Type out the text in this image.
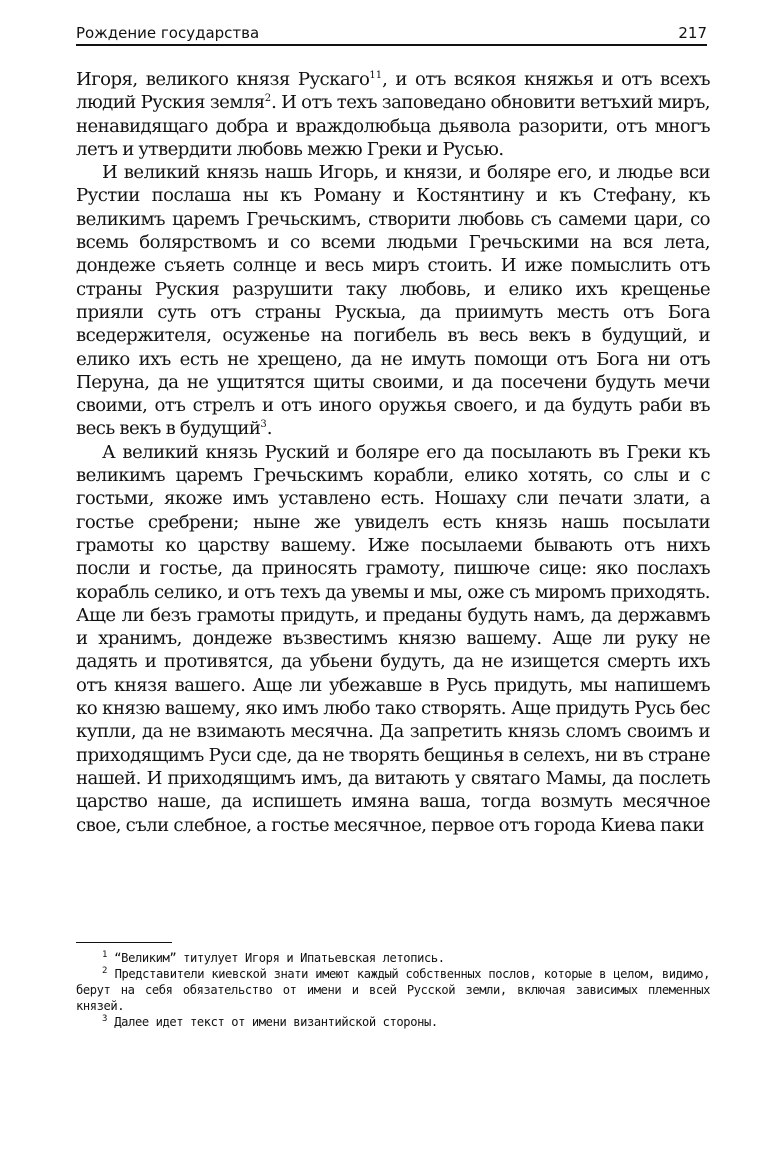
Рождение государства	217

Игоря, великого князя Рускаго$^{11}$, и отъ всякоя княжья и отъ всехъ людий Руския земля$^2$. И отъ техъ заповедано обновити ветъхий миръ, ненавидящаго добра и враждолюбьца дьявола разорити, отъ многъ летъ и утвердити любовь межю Греки и Русью.

И великий князь нашь Игорь, и князи, и боляре его, и людье вси Рустии послаша ны къ Роману и Костянтину и къ Стефану, къ великимъ царемъ Гречьскимъ, створити любовь съ самеми цари, со всемь болярствомъ и со всеми людьми Гречьскими на вся лета, дондеже съяеть солнце и весь миръ стоить. И иже помыслить отъ страны Руския разрушити таку любовь, и елико ихъ крещенье прияли суть отъ страны Рускыа, да приимуть месть отъ Бога вседержителя, осуженье на погибель въ весь векъ в будущий, и елико ихъ есть не хрещено, да не имуть помощи отъ Бога ни отъ Перуна, да не ущитятся щиты своими, и да посечени будуть мечи своими, отъ стрелъ и отъ иного оружья своего, и да будуть раби въ весь векъ в будущий$^3$.

А великий князь Руский и боляре его да посылають въ Греки къ великимъ царемъ Гречьскимъ корабли, елико хотять, со слы и с гостьми, якоже имъ уставлено есть. Ношаху сли печати злати, а гостье сребрени; ныне же увиделъ есть князь нашь посылати грамоты ко царству вашему. Иже посылаеми бывають отъ нихъ посли и гостье, да приносять грамоту, пишюче сице: яко послахъ корабль селико, и отъ техъ да увемы и мы, оже съ миромъ приходять. Аще ли безъ грамоты придуть, и преданы будуть намъ, да державмъ и хранимъ, дондеже възвестимъ князю вашему. Аще ли руку не дадять и противятся, да убьени будуть, да не изищется смерть ихъ отъ князя вашего. Аще ли убежавше в Русь придуть, мы напишемъ ко князю вашему, яко имъ любо тако створять. Аще придуть Русь бес купли, да не взимають месячна. Да запретить князь сломъ своимъ и приходящимъ Руси сде, да не творять бещинья в селехъ, ни въ стране нашей. И приходящимъ имъ, да витають у святаго Мамы, да послеть царство наше, да испишеть имяна ваша, тогда возмуть месячное свое, съли слебное, а гостье месячное, первое отъ города Киева паки

$^1$ “Великим” титулует Игоря и Ипатьевская летопись.

$^2$ Представители киевской знати имеют каждый собственных послов, которые в целом, видимо, берут на себя обязательство от имени и всей Русской земли, включая зависимых племенных князей.

$^3$ Далее идет текст от имени византийской стороны.
